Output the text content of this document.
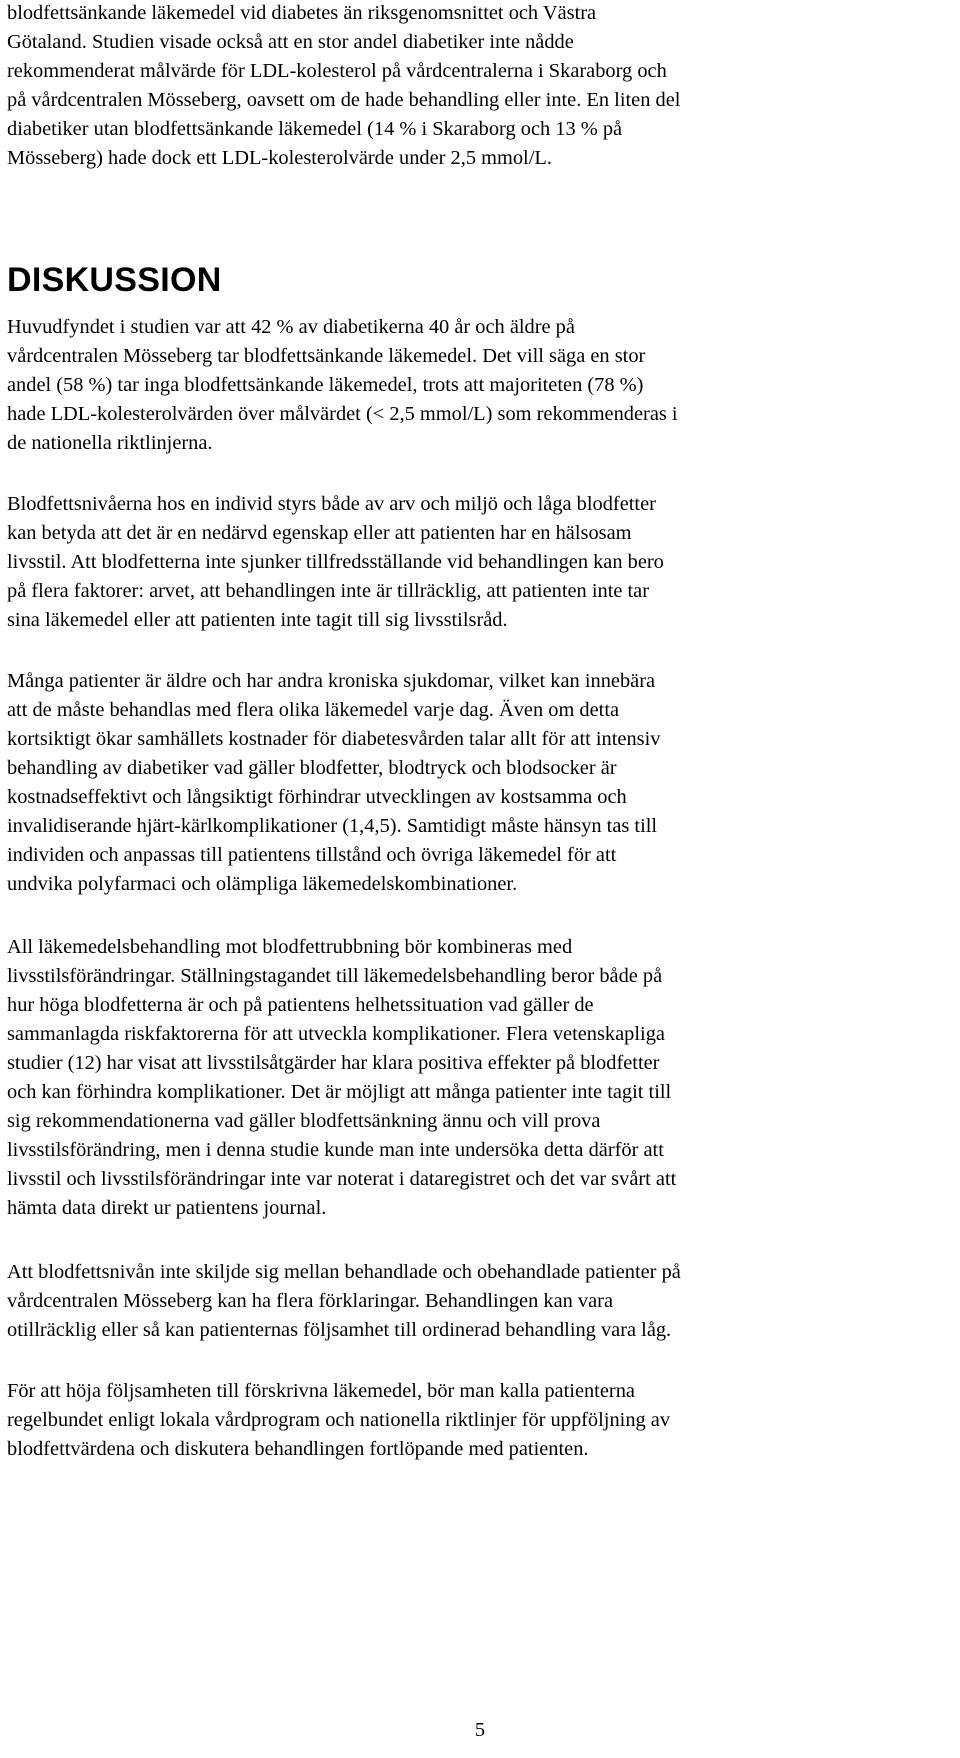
blodfettsänkande läkemedel vid diabetes än riksgenomsnittet och Västra
Götaland. Studien visade också att en stor andel diabetiker inte nådde
rekommenderat målvärde för LDL-kolesterol på vårdcentralerna i Skaraborg och
på vårdcentralen Mösseberg, oavsett om de hade behandling eller inte. En liten del
diabetiker utan blodfettsänkande läkemedel (14 % i Skaraborg och 13 % på
Mösseberg) hade dock ett LDL-kolesterolvärde under 2,5 mmol/L.

DISKUSSION

Huvudfyndet i studien var att 42 % av diabetikerna 40 år och äldre på
vårdcentralen Mösseberg tar blodfettsänkande läkemedel. Det vill säga en stor
andel (58 %) tar inga blodfettsänkande läkemedel, trots att majoriteten (78 %)
hade LDL-kolesterolvärden över målvärdet (< 2,5 mmol/L) som rekommenderas i
de nationella riktlinjerna.

Blodfettsnivåerna hos en individ styrs både av arv och miljö och låga blodfetter
kan betyda att det är en nedärvd egenskap eller att patienten har en hälsosam
livsstil. Att blodfetterna inte sjunker tillfredsställande vid behandlingen kan bero
på flera faktorer: arvet, att behandlingen inte är tillräcklig, att patienten inte tar
sina läkemedel eller att patienten inte tagit till sig livsstilsråd.

Många patienter är äldre och har andra kroniska sjukdomar, vilket kan innebära
att de måste behandlas med flera olika läkemedel varje dag. Även om detta
kortsiktigt ökar samhällets kostnader för diabetesvården talar allt för att intensiv
behandling av diabetiker vad gäller blodfetter, blodtryck och blodsocker är
kostnadseffektivt och långsiktigt förhindrar utvecklingen av kostsamma och
invalidiserande hjärt-kärlkomplikationer (1,4,5). Samtidigt måste hänsyn tas till
individen och anpassas till patientens tillstånd och övriga läkemedel för att
undvika polyfarmaci och olämpliga läkemedelskombinationer.

All läkemedelsbehandling mot blodfettrubbning bör kombineras med
livsstilsförändringar. Ställningstagandet till läkemedelsbehandling beror både på
hur höga blodfetterna är och på patientens helhetssituation vad gäller de
sammanlagda riskfaktorerna för att utveckla komplikationer. Flera vetenskapliga
studier (12) har visat att livsstilsåtgärder har klara positiva effekter på blodfetter
och kan förhindra komplikationer. Det är möjligt att många patienter inte tagit till
sig rekommendationerna vad gäller blodfettsänkning ännu och vill prova
livsstilsförändring, men i denna studie kunde man inte undersöka detta därför att
livsstil och livsstilsförändringar inte var noterat i dataregistret och det var svårt att
hämta data direkt ur patientens journal.

Att blodfettsnivån inte skiljde sig mellan behandlade och obehandlade patienter på
vårdcentralen Mösseberg kan ha flera förklaringar. Behandlingen kan vara
otillräcklig eller så kan patienternas följsamhet till ordinerad behandling vara låg.

För att höja följsamheten till förskrivna läkemedel, bör man kalla patienterna
regelbundet enligt lokala vårdprogram och nationella riktlinjer för uppföljning av
blodfettvärdena och diskutera behandlingen fortlöpande med patienten.

5
